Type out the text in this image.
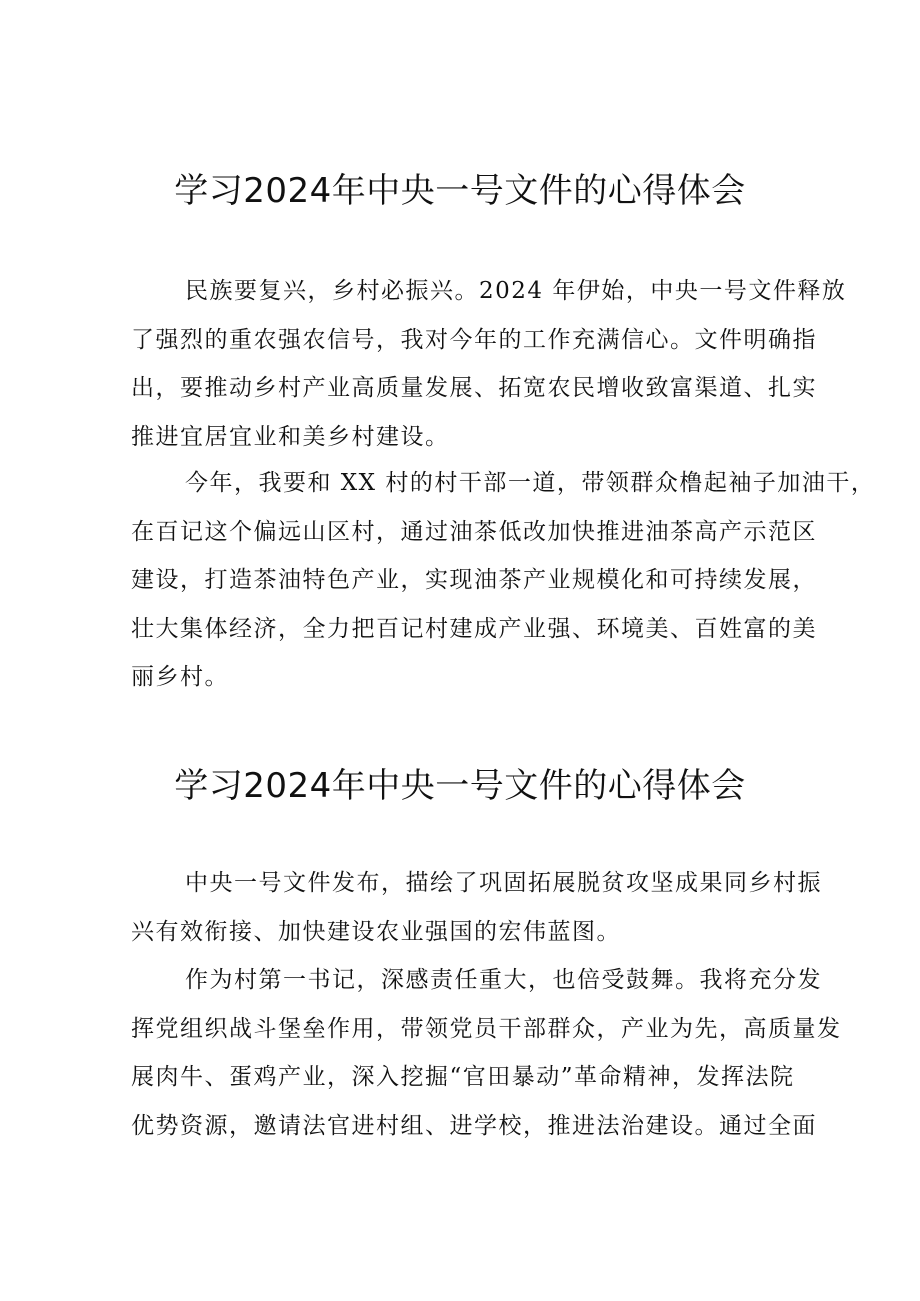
学习2024年中央一号文件的心得体会
民族要复兴，乡村必振兴。2024 年伊始，中央一号文件释放
了强烈的重农强农信号，我对今年的工作充满信心。文件明确指
出，要推动乡村产业高质量发展、拓宽农民增收致富渠道、扎实
推进宜居宜业和美乡村建设。
今年，我要和 XX 村的村干部一道，带领群众橹起袖子加油干，
在百记这个偏远山区村，通过油茶低改加快推进油茶高产示范区
建设，打造茶油特色产业，实现油茶产业规模化和可持续发展，
壮大集体经济，全力把百记村建成产业强、环境美、百姓富的美
丽乡村。
学习2024年中央一号文件的心得体会
中央一号文件发布，描绘了巩固拓展脱贫攻坚成果同乡村振
兴有效衔接、加快建设农业强国的宏伟蓝图。
作为村第一书记，深感责任重大，也倍受鼓舞。我将充分发
挥党组织战斗堡垒作用，带领党员干部群众，产业为先，高质量发
展肉牛、蛋鸡产业，深入挖掘“官田暴动”革命精神，发挥法院
优势资源，邀请法官进村组、进学校，推进法治建设。通过全面
